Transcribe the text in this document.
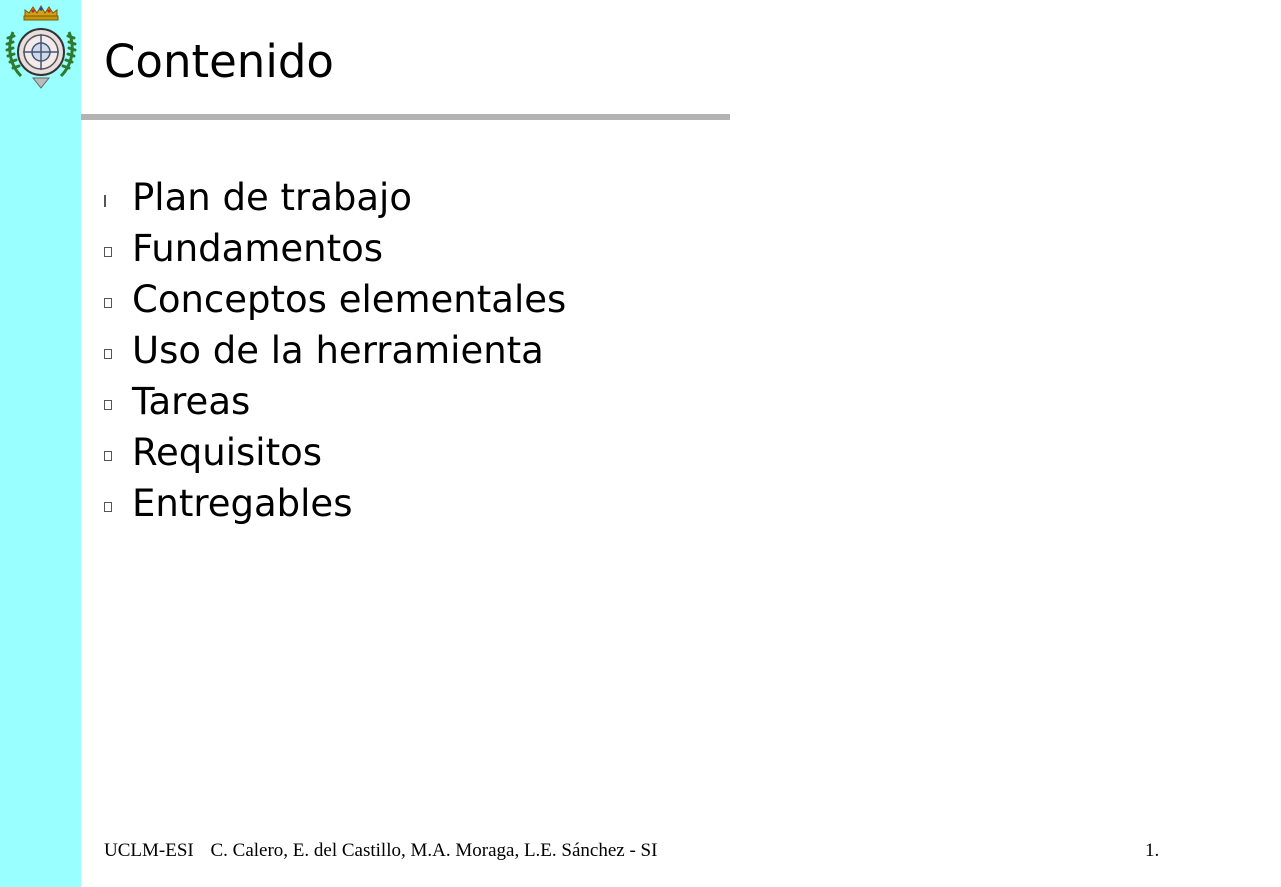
Contenido
Plan de trabajo
Fundamentos
Conceptos elementales
Uso de la herramienta
Tareas
Requisitos
Entregables
UCLM-ESI C. Calero, E. del Castillo, M.A. Moraga, L.E. Sánchez - SI	1.
